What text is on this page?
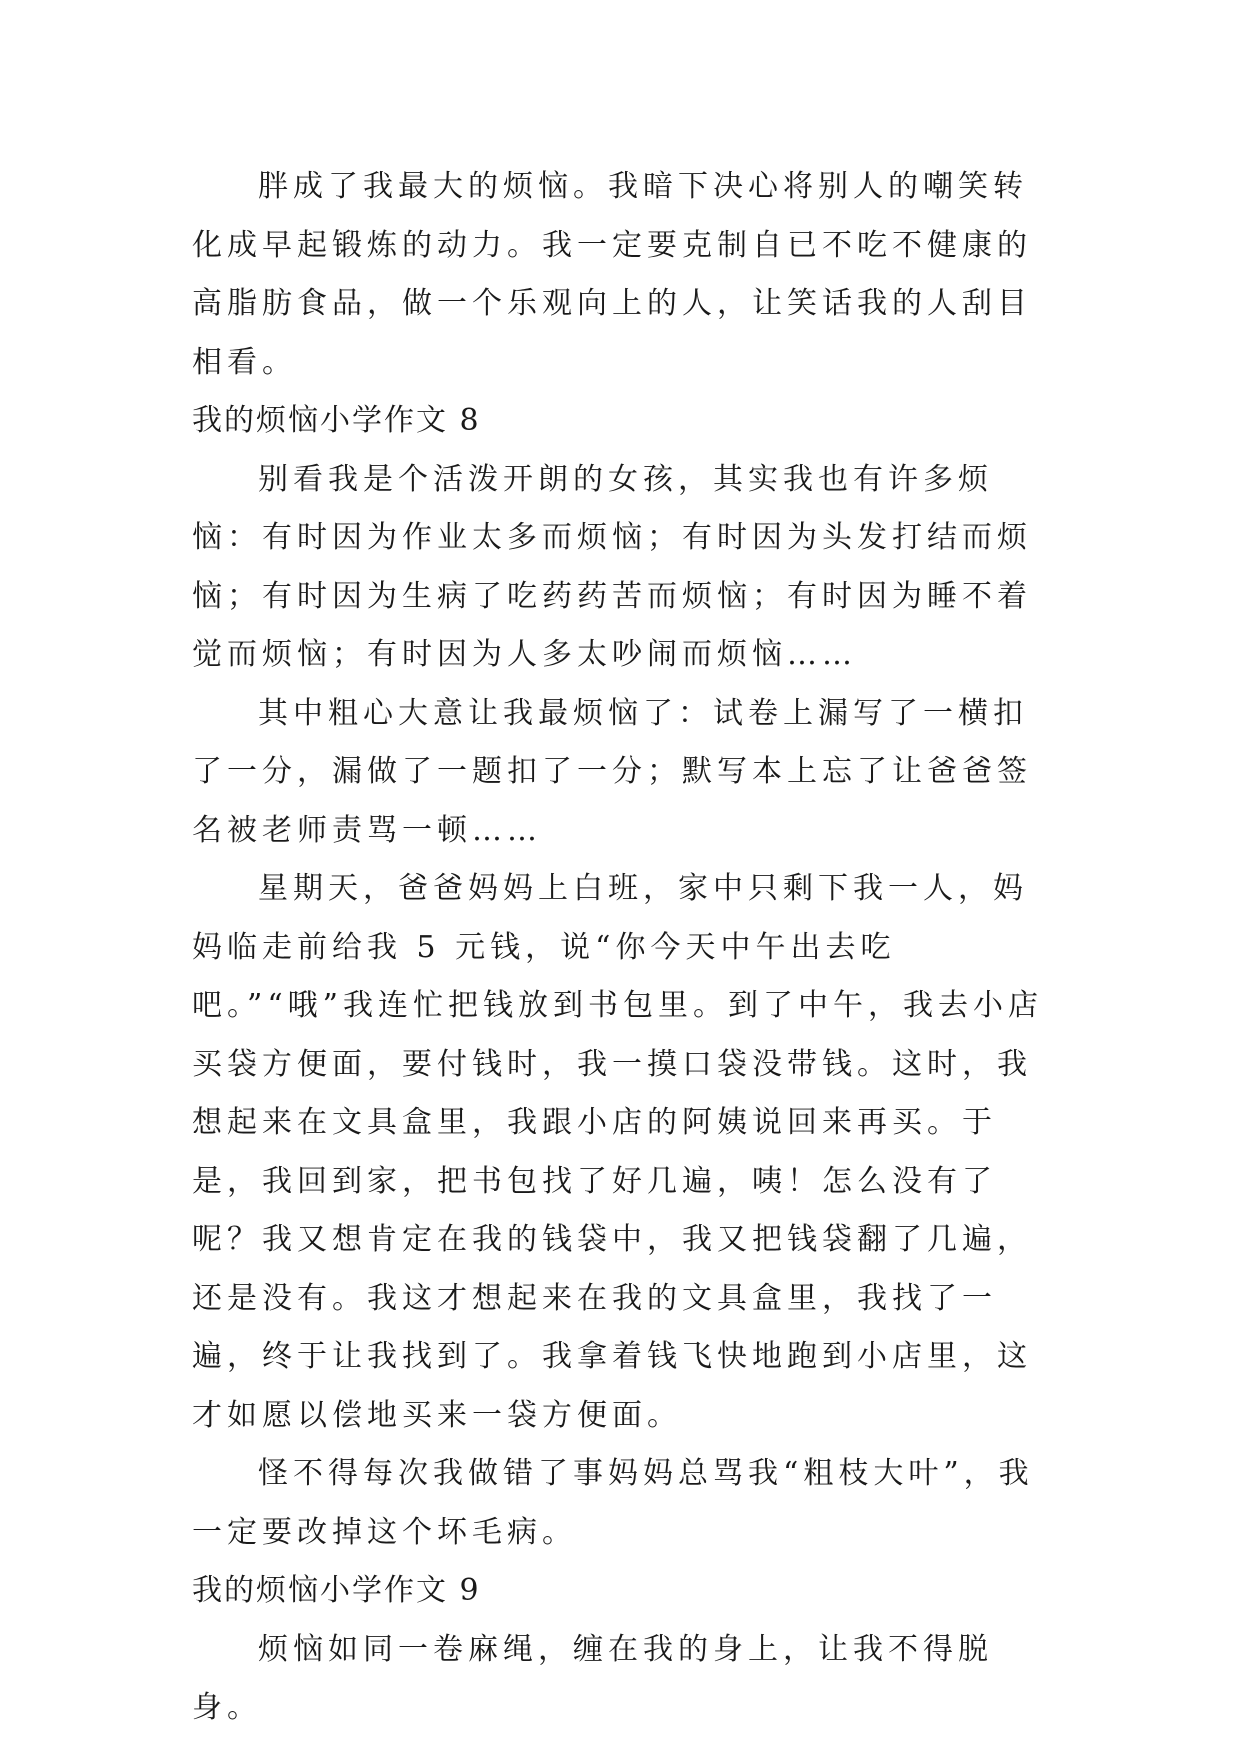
胖成了我最大的烦恼。我暗下决心将别人的嘲笑转化成早起锻炼的动力。我一定要克制自已不吃不健康的高脂肪食品，做一个乐观向上的人，让笑话我的人刮目相看。

我的烦恼小学作文 8

别看我是个活泼开朗的女孩，其实我也有许多烦恼：有时因为作业太多而烦恼；有时因为头发打结而烦恼；有时因为生病了吃药药苦而烦恼；有时因为睡不着觉而烦恼；有时因为人多太吵闹而烦恼……

其中粗心大意让我最烦恼了：试卷上漏写了一横扣了一分，漏做了一题扣了一分；默写本上忘了让爸爸签名被老师责骂一顿……

星期天，爸爸妈妈上白班，家中只剩下我一人，妈妈临走前给我 5 元钱，说“你今天中午出去吃吧。”“哦”我连忙把钱放到书包里。到了中午，我去小店买袋方便面，要付钱时，我一摸口袋没带钱。这时，我想起来在文具盒里，我跟小店的阿姨说回来再买。于是，我回到家，把书包找了好几遍，咦！怎么没有了呢？我又想肯定在我的钱袋中，我又把钱袋翻了几遍，还是没有。我这才想起来在我的文具盒里，我找了一遍，终于让我找到了。我拿着钱飞快地跑到小店里，这才如愿以偿地买来一袋方便面。

怪不得每次我做错了事妈妈总骂我“粗枝大叶”，我一定要改掉这个坏毛病。

我的烦恼小学作文 9

烦恼如同一卷麻绳，缠在我的身上，让我不得脱身。
